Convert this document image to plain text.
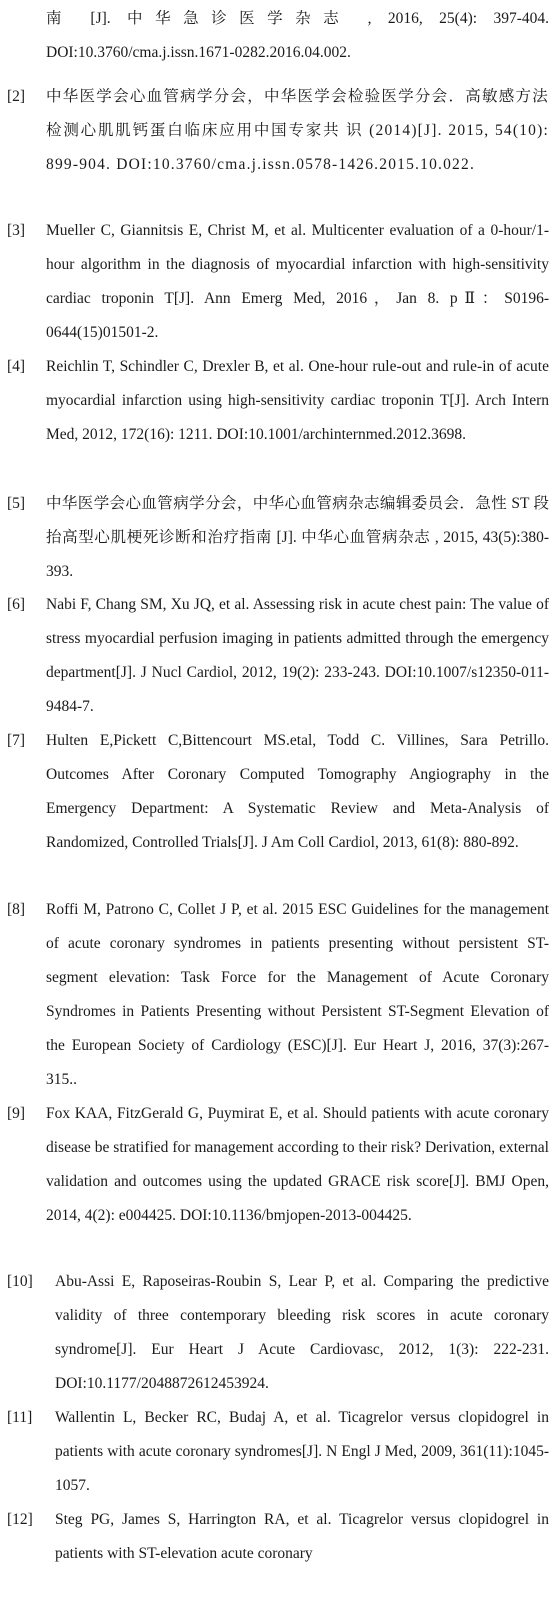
南 [J]. 中华急诊医学杂志 , 2016, 25(4): 397-404. DOI:10.3760/cma.j.issn.1671-0282.2016.04.002.
[2] 中华医学会心血管病学分会，中华医学会检验医学分会．高敏感方法检测心肌肌钙蛋白临床应用中国专家共 识 (2014)[J]. 2015, 54(10): 899-904. DOI:10.3760/cma.j.issn.0578-1426.2015.10.022.
[3] Mueller C, Giannitsis E, Christ M, et al. Multicenter evaluation of a 0-hour/1-hour algorithm in the diagnosis of myocardial infarction with high-sensitivity cardiac troponin T[J]. Ann Emerg Med, 2016，Jan 8. pⅡ：S0196-0644(15)01501-2.
[4] Reichlin T, Schindler C, Drexler B, et al. One-hour rule-out and rule-in of acute myocardial infarction using high-sensitivity cardiac troponin T[J]. Arch Intern Med, 2012, 172(16): 1211. DOI:10.1001/archinternmed.2012.3698.
[5] 中华医学会心血管病学分会，中华心血管病杂志编辑委员会．急性 ST 段抬高型心肌梗死诊断和治疗指南 [J]. 中华心血管病杂志 , 2015, 43(5):380-393.
[6] Nabi F, Chang SM, Xu JQ, et al. Assessing risk in acute chest pain: The value of stress myocardial perfusion imaging in patients admitted through the emergency department[J]. J Nucl Cardiol, 2012, 19(2): 233-243. DOI:10.1007/s12350-011-9484-7.
[7] Hulten E,Pickett C,Bittencourt MS.etal, Todd C. Villines, Sara Petrillo. Outcomes After Coronary Computed Tomography Angiography in the Emergency Department: A Systematic Review and Meta-Analysis of Randomized, Controlled Trials[J]. J Am Coll Cardiol, 2013, 61(8): 880-892.
[8] Roffi M, Patrono C, Collet J P, et al. 2015 ESC Guidelines for the management of acute coronary syndromes in patients presenting without persistent ST-segment elevation: Task Force for the Management of Acute Coronary Syndromes in Patients Presenting without Persistent ST-Segment Elevation of the European Society of Cardiology (ESC)[J]. Eur Heart J, 2016, 37(3):267-315..
[9] Fox KAA, FitzGerald G, Puymirat E, et al. Should patients with acute coronary disease be stratified for management according to their risk? Derivation, external validation and outcomes using the updated GRACE risk score[J]. BMJ Open, 2014, 4(2): e004425. DOI:10.1136/bmjopen-2013-004425.
[10] Abu-Assi E, Raposeiras-Roubin S, Lear P, et al. Comparing the predictive validity of three contemporary bleeding risk scores in acute coronary syndrome[J]. Eur Heart J Acute Cardiovasc, 2012, 1(3): 222-231. DOI:10.1177/2048872612453924.
[11] Wallentin L, Becker RC, Budaj A, et al. Ticagrelor versus clopidogrel in patients with acute coronary syndromes[J]. N Engl J Med, 2009, 361(11):1045-1057.
[12] Steg PG, James S, Harrington RA, et al. Ticagrelor versus clopidogrel in patients with ST-elevation acute coronary
